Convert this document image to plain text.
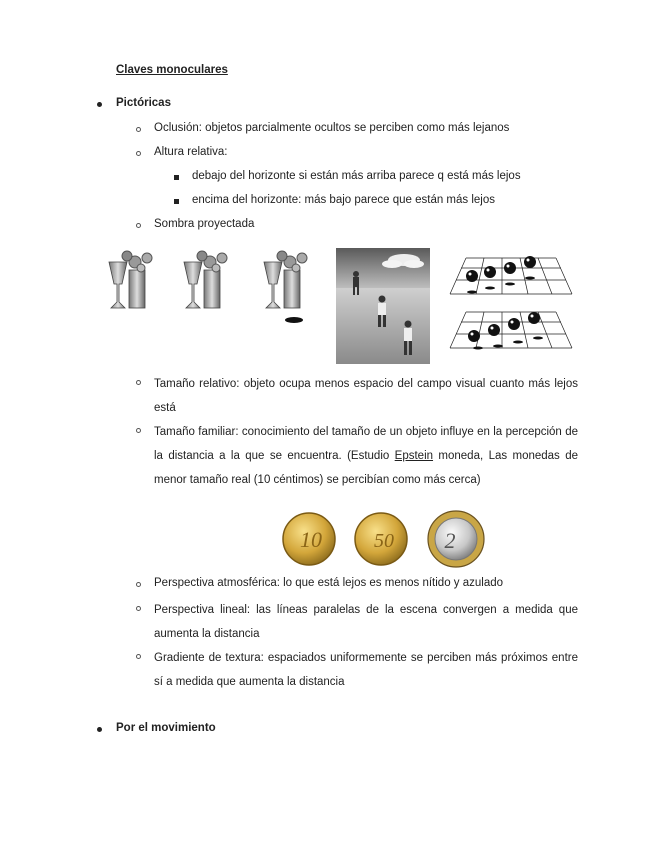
Claves monoculares
Pictóricas
Oclusión: objetos parcialmente ocultos se perciben como más lejanos
Altura relativa:
debajo del horizonte si están más arriba parece q está más lejos
encima del horizonte: más bajo parece que están más lejos
Sombra proyectada
Tamaño relativo: objeto ocupa menos espacio del campo visual cuanto más lejos está
Tamaño familiar: conocimiento del tamaño de un objeto influye en la percepción de la distancia a la que se encuentra. (Estudio Epstein moneda, Las monedas de menor tamaño real (10 céntimos) se percibían como más cerca)
10	50 2
Perspectiva atmosférica: lo que está lejos es menos nítido y azulado
Perspectiva lineal: las líneas paralelas de la escena convergen a medida que aumenta la distancia
Gradiente de textura: espaciados uniformemente se perciben más próximos entre sí a medida que aumenta la distancia
Por el movimiento
